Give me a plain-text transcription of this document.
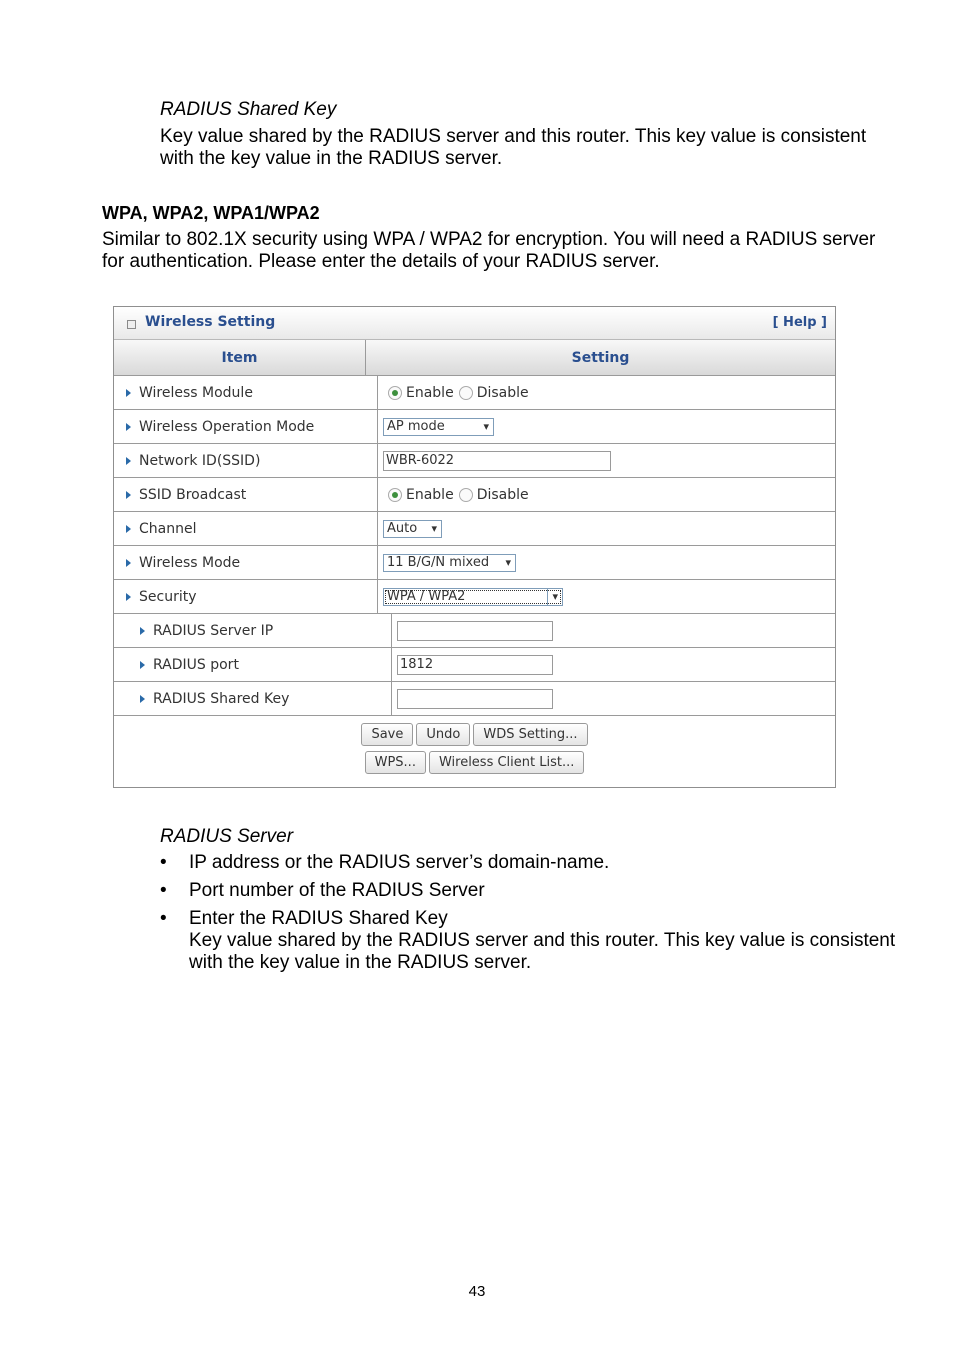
RADIUS Shared Key
Key value shared by the RADIUS server and this router. This key value is consistent
with the key value in the RADIUS server.
WPA, WPA2, WPA1/WPA2
Similar to 802.1X security using WPA / WPA2 for encryption. You will need a RADIUS server
for authentication. Please enter the details of your RADIUS server.
Wireless Setting	[ Help ]
Item	Setting
Wireless Module	Enable Disable
Wireless Operation Mode	AP mode	▾
Network ID(SSID)	WBR-6022
SSID Broadcast	Enable Disable
Channel	Auto ▾
Wireless Mode	11 B/G/N mixed ▾
Security	WPA / WPA2	▾
RADIUS Server IP
RADIUS port	1812
RADIUS Shared Key
Save	Undo	WDS Setting...
WPS...	Wireless Client List...
RADIUS Server
• IP address or the RADIUS server’s domain-name.
• Port number of the RADIUS Server
• Enter the RADIUS Shared Key
Key value shared by the RADIUS server and this router. This key value is consistent
with the key value in the RADIUS server.
43
